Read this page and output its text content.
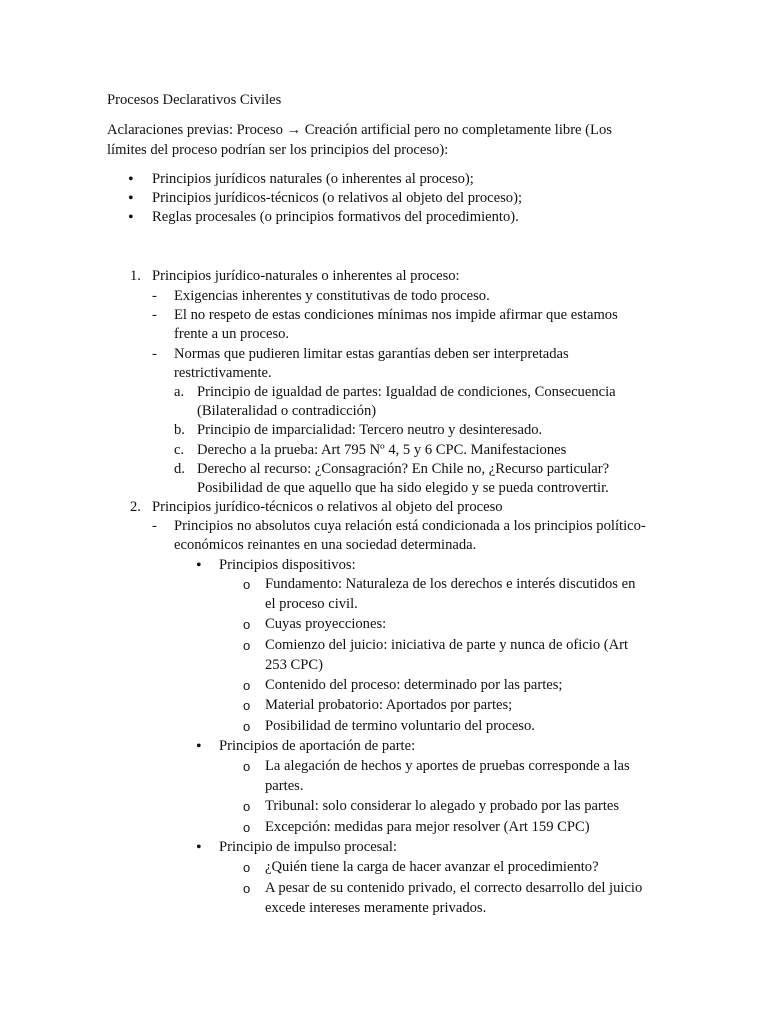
Procesos Declarativos Civiles
Aclaraciones previas: Proceso → Creación artificial pero no completamente libre (Los
límites del proceso podrían ser los principios del proceso):
•
Principios jurídicos naturales (o inherentes al proceso);
•
Principios jurídicos-técnicos (o relativos al objeto del proceso);
•
Reglas procesales (o principios formativos del procedimiento).
1. Principios jurídico-naturales o inherentes al proceso:
- Exigencias inherentes y constitutivas de todo proceso.
- El no respeto de estas condiciones mínimas nos impide afirmar que estamos
frente a un proceso.
- Normas que pudieren limitar estas garantías deben ser interpretadas
restrictivamente.
a. Principio de igualdad de partes: Igualdad de condiciones, Consecuencia
(Bilateralidad o contradicción)
b. Principio de imparcialidad: Tercero neutro y desinteresado.
c. Derecho a la prueba: Art 795 Nº 4, 5 y 6 CPC. Manifestaciones
d. Derecho al recurso: ¿Consagración? En Chile no, ¿Recurso particular?
Posibilidad de que aquello que ha sido elegido y se pueda controvertir.
2. Principios jurídico-técnicos o relativos al objeto del proceso
- Principios no absolutos cuya relación está condicionada a los principios político-
económicos reinantes en una sociedad determinada.
•
Principios dispositivos:
o Fundamento: Naturaleza de los derechos e interés discutidos en
el proceso civil.
o Cuyas proyecciones:
o Comienzo del juicio: iniciativa de parte y nunca de oficio (Art
253 CPC)
o Contenido del proceso: determinado por las partes;
o Material probatorio: Aportados por partes;
o Posibilidad de termino voluntario del proceso.
•
Principios de aportación de parte:
o La alegación de hechos y aportes de pruebas corresponde a las
partes.
o Tribunal: solo considerar lo alegado y probado por las partes
o Excepción: medidas para mejor resolver (Art 159 CPC)
•
Principio de impulso procesal:
o ¿Quién tiene la carga de hacer avanzar el procedimiento?
o A pesar de su contenido privado, el correcto desarrollo del juicio
excede intereses meramente privados.
